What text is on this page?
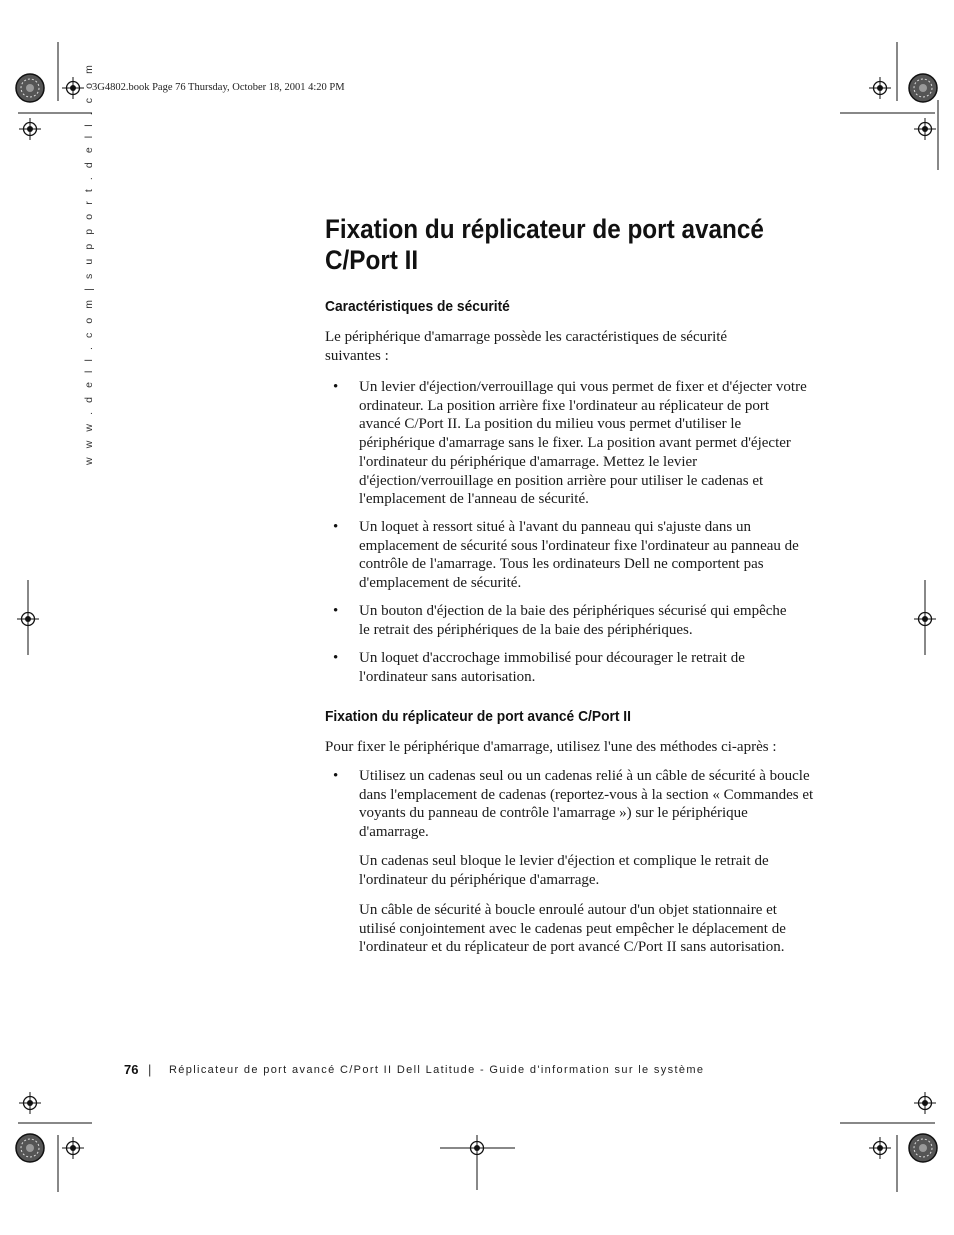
3G4802.book Page 76 Thursday, October 18, 2001 4:20 PM
w w w . d e l l . c o m | s u p p o r t . d e l l . c o m	Fixation du réplicateur de port avancé C/Port II
Caractéristiques de sécurité

Le périphérique d'amarrage possède les caractéristiques de sécurité suivantes :

• Un levier d'éjection/verrouillage qui vous permet de fixer et d'éjecter votre ordinateur. La position arrière fixe l'ordinateur au réplicateur de port avancé C/Port II. La position du milieu vous permet d'utiliser le périphérique d'amarrage sans le fixer. La position avant permet d'éjecter l'ordinateur du périphérique d'amarrage. Mettez le levier d'éjection/verrouillage en position arrière pour utiliser le cadenas et l'emplacement de l'anneau de sécurité.
• Un loquet à ressort situé à l'avant du panneau qui s'ajuste dans un emplacement de sécurité sous l'ordinateur fixe l'ordinateur au panneau de contrôle de l'amarrage. Tous les ordinateurs Dell ne comportent pas d'emplacement de sécurité.
• Un bouton d'éjection de la baie des périphériques sécurisé qui empêche le retrait des périphériques de la baie des périphériques.
• Un loquet d'accrochage immobilisé pour décourager le retrait de l'ordinateur sans autorisation.
Fixation du réplicateur de port avancé C/Port II

Pour fixer le périphérique d'amarrage, utilisez l'une des méthodes ci-après :

• Utilisez un cadenas seul ou un cadenas relié à un câble de sécurité à boucle dans l'emplacement de cadenas (reportez-vous à la section « Commandes et voyants du panneau de contrôle l'amarrage ») sur le périphérique d'amarrage.

Un cadenas seul bloque le levier d'éjection et complique le retrait de l'ordinateur du périphérique d'amarrage.

Un câble de sécurité à boucle enroulé autour d'un objet stationnaire et utilisé conjointement avec le cadenas peut empêcher le déplacement de l'ordinateur et du réplicateur de port avancé C/Port II sans autorisation.

76 | Réplicateur de port avancé C/Port II Dell Latitude - Guide d'information sur le système
